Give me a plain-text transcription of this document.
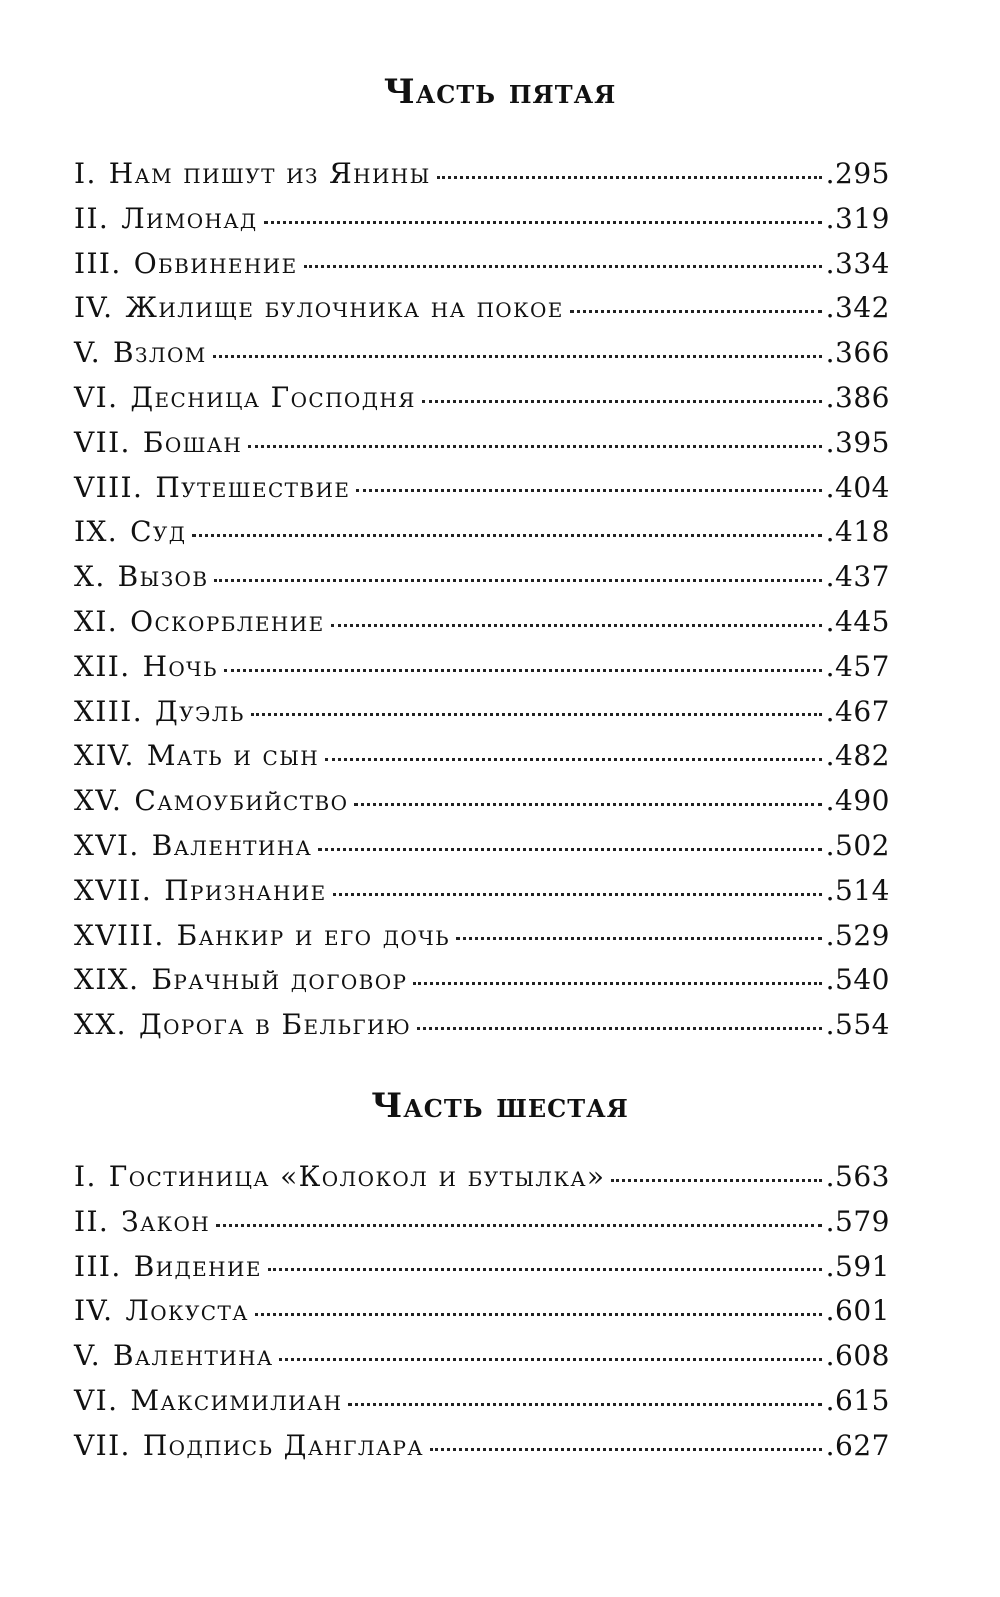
Часть пятая
I. Нам пишут из Янины	.295
II. Лимонад	.319
III. Обвинение	.334
IV. Жилище булочника на покое	.342
V. Взлом	.366
VI. Десница Господня	.386
VII. Бошан	.395
VIII. Путешествие	.404
IX. Суд	.418
X. Вызов	.437
XI. Оскорбление	.445
XII. Ночь	.457
XIII. Дуэль	.467
XIV. Мать и сын	.482
XV. Самоубийство	.490
XVI. Валентина	.502
XVII. Признание	.514
XVIII. Банкир и его дочь	.529
XIX. Брачный договор	.540
XX. Дорога в Бельгию	.554
Часть шестая
I. Гостиница «Колокол и бутылка»	.563
II. Закон	.579
III. Видение	.591
IV. Локуста	.601
V. Валентина	.608
VI. Максимилиан	.615
VII. Подпись Данглара	.627
